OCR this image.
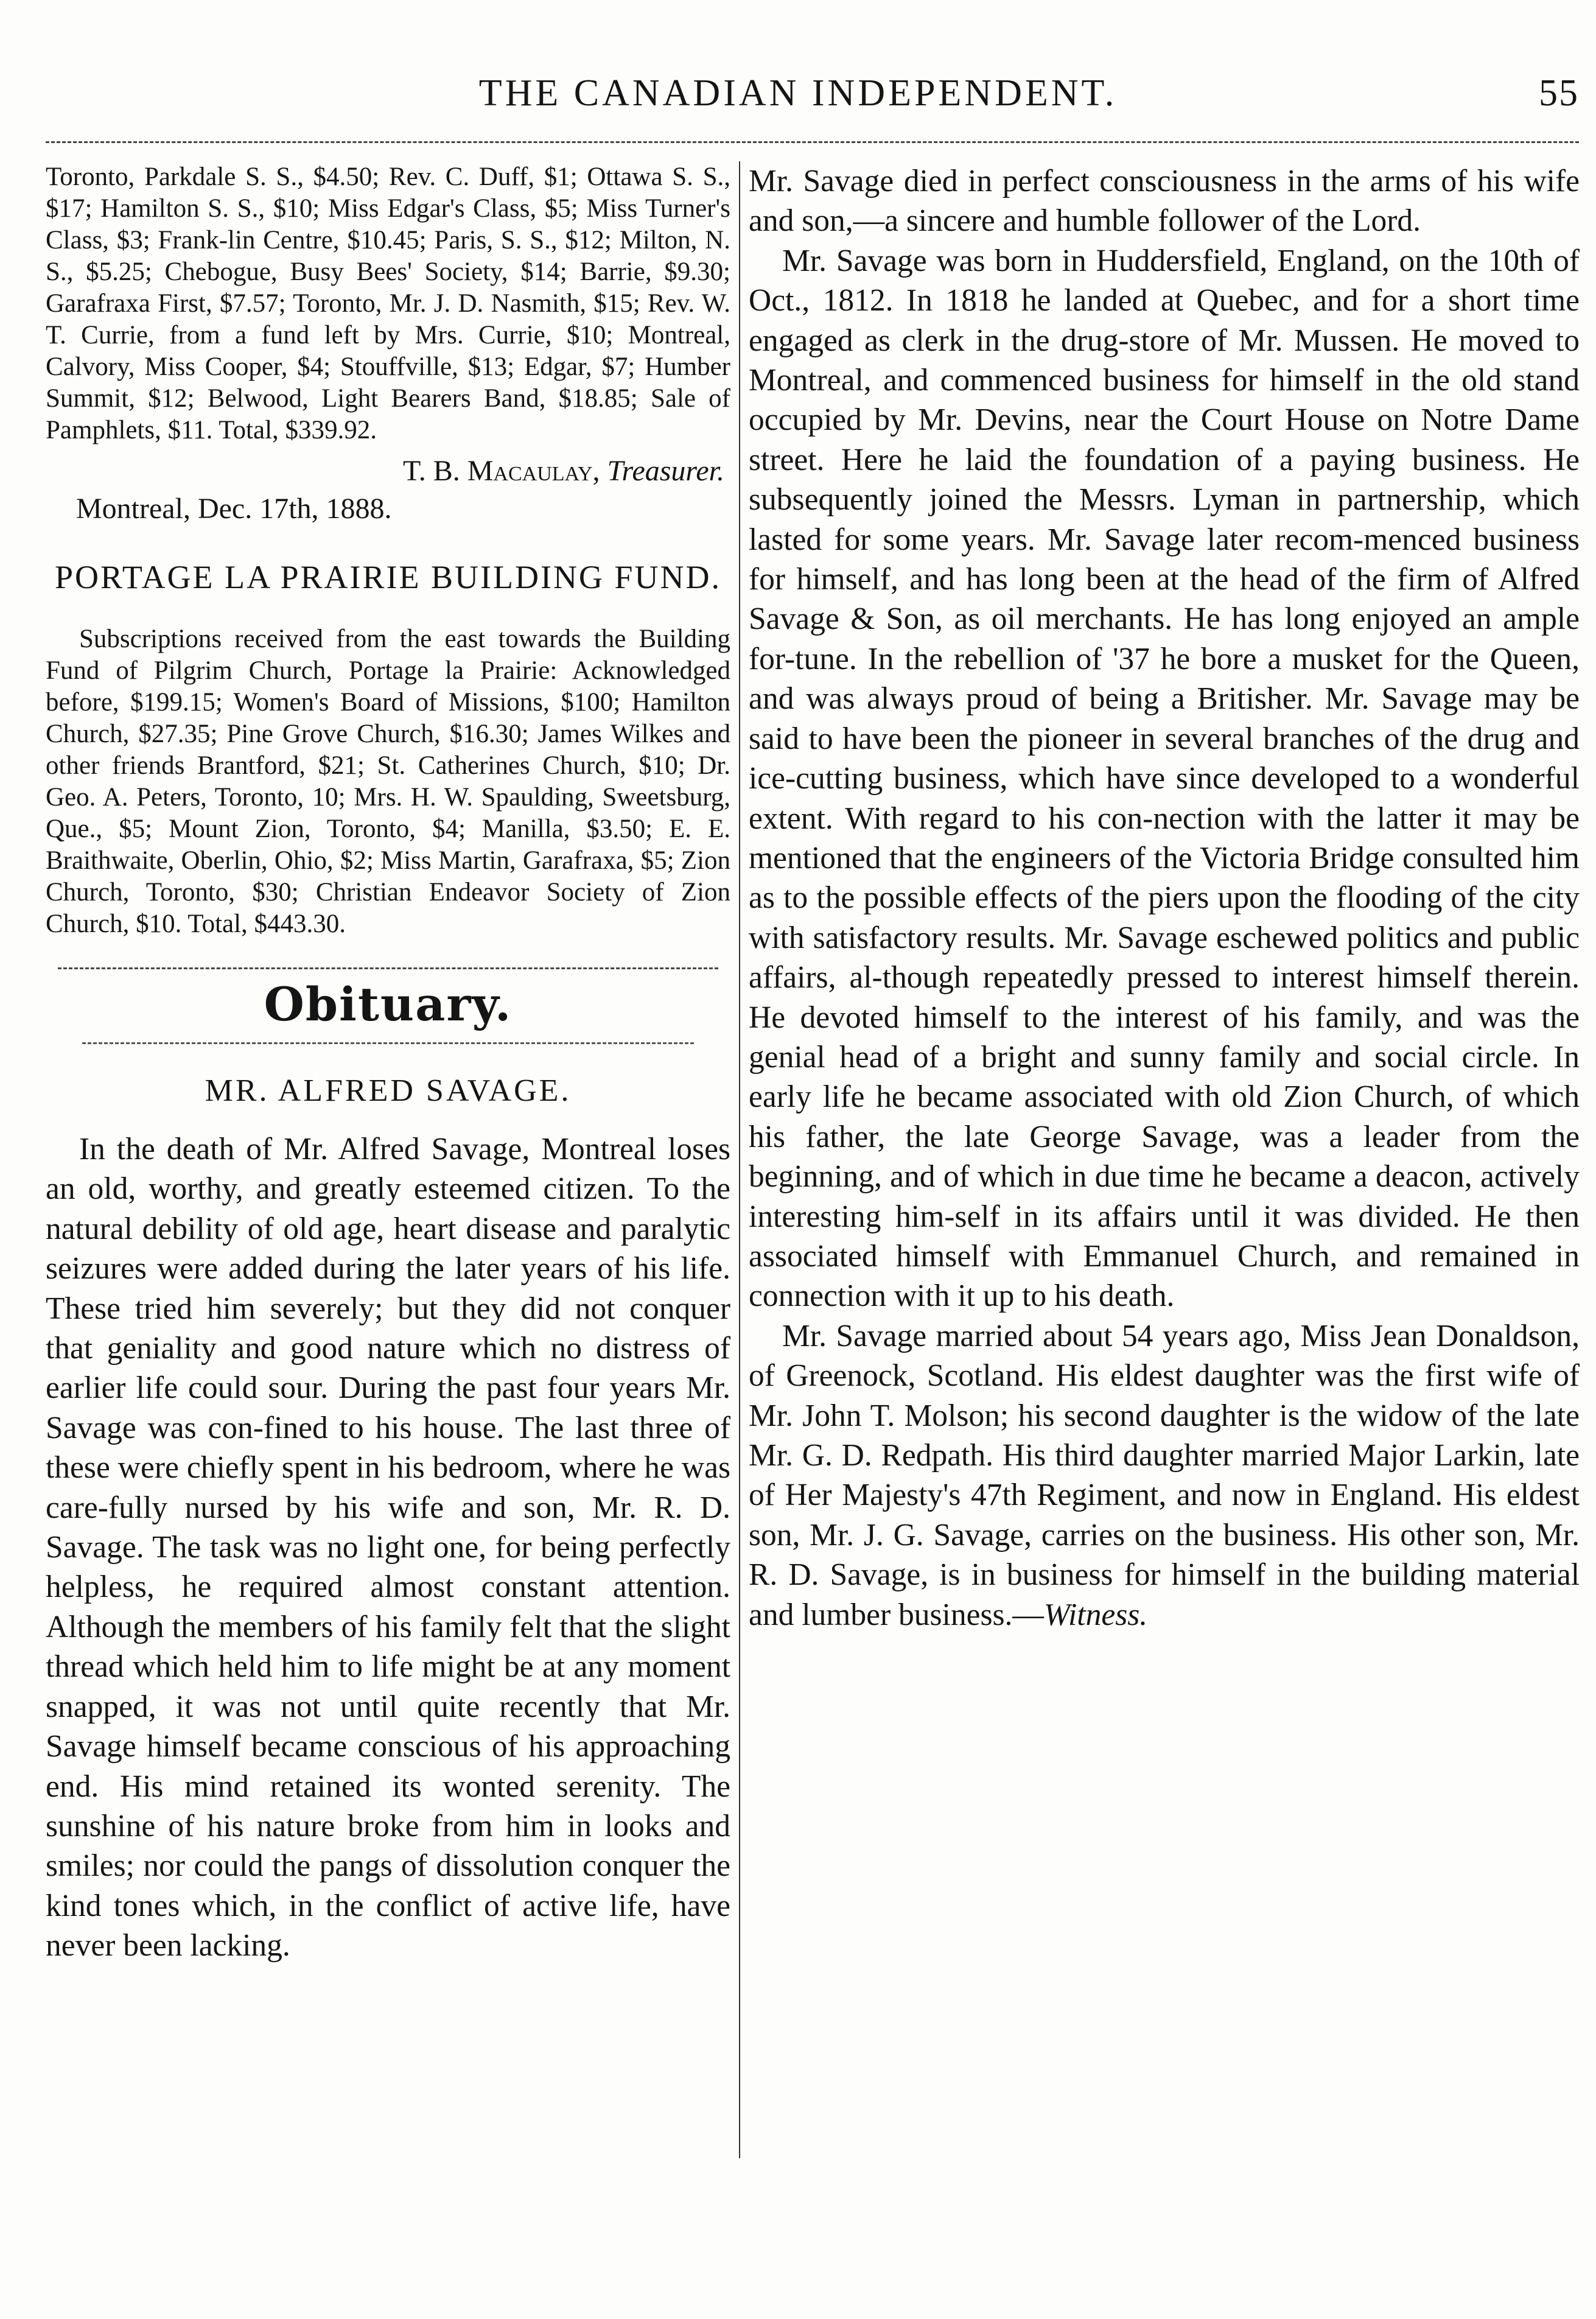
THE CANADIAN INDEPENDENT.	55

Toronto, Parkdale S. S., $4.50; Rev. C. Duff, $1; Ottawa S. S., $17; Hamilton S. S., $10; Miss Edgar's Class, $5; Miss Turner's Class, $3; Frank-lin Centre, $10.45; Paris, S. S., $12; Milton, N. S., $5.25; Chebogue, Busy Bees' Society, $14; Barrie, $9.30; Garafraxa First, $7.57; Toronto, Mr. J. D. Nasmith, $15; Rev. W. T. Currie, from a fund left by Mrs. Currie, $10; Montreal, Calvory, Miss Cooper, $4; Stouffville, $13; Edgar, $7; Humber Summit, $12; Belwood, Light Bearers Band, $18.85; Sale of Pamphlets, $11. Total, $339.92.

T. B. Macaulay, Treasurer.

Montreal, Dec. 17th, 1888.

PORTAGE LA PRAIRIE BUILDING FUND.

Subscriptions received from the east towards the Building Fund of Pilgrim Church, Portage la Prairie: Acknowledged before, $199.15; Women's Board of Missions, $100; Hamilton Church, $27.35; Pine Grove Church, $16.30; James Wilkes and other friends Brantford, $21; St. Catherines Church, $10; Dr. Geo. A. Peters, Toronto, 10; Mrs. H. W. Spaulding, Sweetsburg, Que., $5; Mount Zion, Toronto, $4; Manilla, $3.50; E. E. Braithwaite, Oberlin, Ohio, $2; Miss Martin, Garafraxa, $5; Zion Church, Toronto, $30; Christian Endeavor Society of Zion Church, $10. Total, $443.30.

Obituary.
MR. ALFRED SAVAGE.

In the death of Mr. Alfred Savage, Montreal loses an old, worthy, and greatly esteemed citizen. To the natural debility of old age, heart disease and paralytic seizures were added during the later years of his life. These tried him severely; but they did not conquer that geniality and good nature which no distress of earlier life could sour. During the past four years Mr. Savage was con-fined to his house. The last three of these were chiefly spent in his bedroom, where he was care-fully nursed by his wife and son, Mr. R. D. Savage. The task was no light one, for being perfectly helpless, he required almost constant attention. Although the members of his family felt that the slight thread which held him to life might be at any moment snapped, it was not until quite recently that Mr. Savage himself became conscious of his approaching end. His mind retained its wonted serenity. The sunshine of his nature broke from him in looks and smiles; nor could the pangs of dissolution conquer the kind tones which, in the conflict of active life, have never been lacking.

Mr. Savage died in perfect consciousness in the arms of his wife and son,—a sincere and humble follower of the Lord.

Mr. Savage was born in Huddersfield, England, on the 10th of Oct., 1812. In 1818 he landed at Quebec, and for a short time engaged as clerk in the drug-store of Mr. Mussen. He moved to Montreal, and commenced business for himself in the old stand occupied by Mr. Devins, near the Court House on Notre Dame street. Here he laid the foundation of a paying business. He subsequently joined the Messrs. Lyman in partnership, which lasted for some years. Mr. Savage later recom-menced business for himself, and has long been at the head of the firm of Alfred Savage & Son, as oil merchants. He has long enjoyed an ample for-tune. In the rebellion of '37 he bore a musket for the Queen, and was always proud of being a Britisher. Mr. Savage may be said to have been the pioneer in several branches of the drug and ice-cutting business, which have since developed to a wonderful extent. With regard to his con-nection with the latter it may be mentioned that the engineers of the Victoria Bridge consulted him as to the possible effects of the piers upon the flooding of the city with satisfactory results. Mr. Savage eschewed politics and public affairs, al-though repeatedly pressed to interest himself therein. He devoted himself to the interest of his family, and was the genial head of a bright and sunny family and social circle. In early life he became associated with old Zion Church, of which his father, the late George Savage, was a leader from the beginning, and of which in due time he became a deacon, actively interesting him-self in its affairs until it was divided. He then associated himself with Emmanuel Church, and remained in connection with it up to his death.

Mr. Savage married about 54 years ago, Miss Jean Donaldson, of Greenock, Scotland. His eldest daughter was the first wife of Mr. John T. Molson; his second daughter is the widow of the late Mr. G. D. Redpath. His third daughter married Major Larkin, late of Her Majesty's 47th Regiment, and now in England. His eldest son, Mr. J. G. Savage, carries on the business. His other son, Mr. R. D. Savage, is in business for himself in the building material and lumber business.—Witness.
